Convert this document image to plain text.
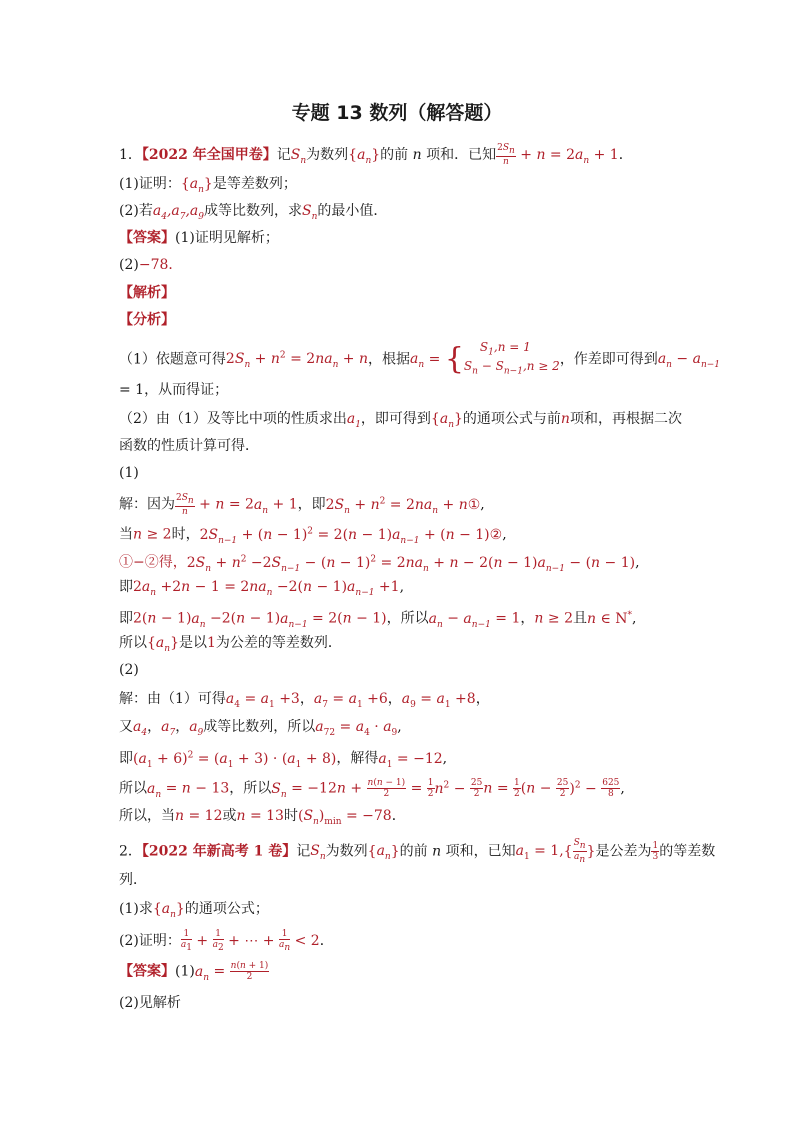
专题 13 数列（解答题）
1．【2022 年全国甲卷】记$S_n$为数列$\{a_n\}$的前 n 项和．已知 $\frac{2S_n}{n} + n = 2a_n + 1$．
(1)证明：$\{a_n\}$是等差数列；
(2)若$a_4,a_7,a_9$成等比数列，求$S_n$的最小值．
【答案】(1)证明见解析；
(2)−78．
【解析】
【分析】
（1）依题意可得$2S_n + n^2 = 2na_n + n$，根据$a_n$ = {	$S_1,n = 1$
$S_n - S_{n-1},n \ge 2$ ，作差即可得到$a_n - a_{n-1}$
= 1，从而得证；
（2）由（1）及等比中项的性质求出$a_1$，即可得到$\{a_n\}$的通项公式与前n项和，再根据二次
函数的性质计算可得．
(1)
解：因为 $\frac{2S_n}{n} + n = 2a_n + 1$，即$2S_n + n^2 = 2na_n$ + n①,
当n ≥ 2时，$2S_{n-1} + (n - 1)^2 = 2(n - 1)a_{n-1} + (n$ − 1)②,
①−②得，$2S_n + n^2 -2S_{n-1} - (n - 1)^2 = 2na_n + n - 2(n - 1)a_{n-1} - (n - 1)$,
即$2a_n +2n - 1 = 2na_n -2(n - 1)a_{n-1} +1$,
即$2(n - 1)a_n -2(n - 1)a_{n-1} = 2(n - 1)$，所以$a_n - a_{n-1} = 1$，n ≥ 2且n ∈ N*,
所以$\{a_n\}$是以1为公差的等差数列．
(2)
解：由（1）可得$a_4 = a_1 +3$，$a_7 = a_1 +6$，$a_9 = a_1 +8$，
又$a_4$，$a_7$，$a_9$成等比数列，所以$a_{72} = a_4 \cdot a_9$,
即$(a_1 + 6)^2 = (a_1 + 3) \cdot (a_1 + 8)$，解得$a_1 = -12$,
所以$a_n = n - 13$，所以$S_n = -12n + \frac{n(n - 1)}{2} = \frac{1}{2} n^2 - \frac{25}{2}$ $n = \frac{1}{2} (n - \frac{25}{2} )^2 - \frac{625}{8}$ ,
所以，当n = 12或n = 13时$(S_n)_{min} = -78$．
2．【2022 年新高考 1 卷】记$S_n$为数列$\{a_n\}$的前 n 项和，已知$a_1 = 1,\{ \frac{S_n}{a_n}$ }是公差为 $\frac{1}{3}$ 的等差数
列．
(1)求$\{a_n\}$的通项公式；
(2)证明： $\frac{1}{a_1} + \frac{1}{a_2}$ + ⋯ + $\frac{1}{a_n} < 2$．
【答案】$(1)a_n = \frac{n(n + 1)}{2}$
(2)见解析
